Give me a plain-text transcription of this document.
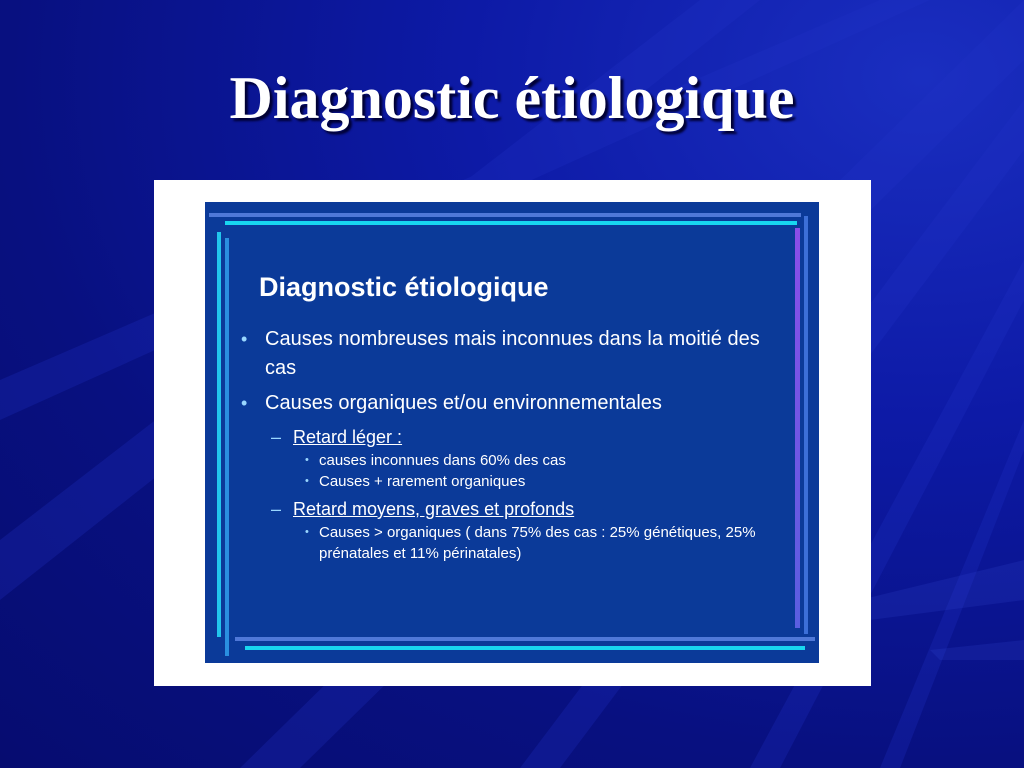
Diagnostic étiologique
Diagnostic étiologique
• Causes nombreuses mais inconnues dans la moitié des cas
• Causes organiques et/ou environnementales
– Retard léger :
• causes inconnues dans 60% des cas
• Causes + rarement organiques
– Retard moyens, graves et profonds
• Causes > organiques ( dans 75% des cas : 25% génétiques, 25% prénatales et 11% périnatales)
